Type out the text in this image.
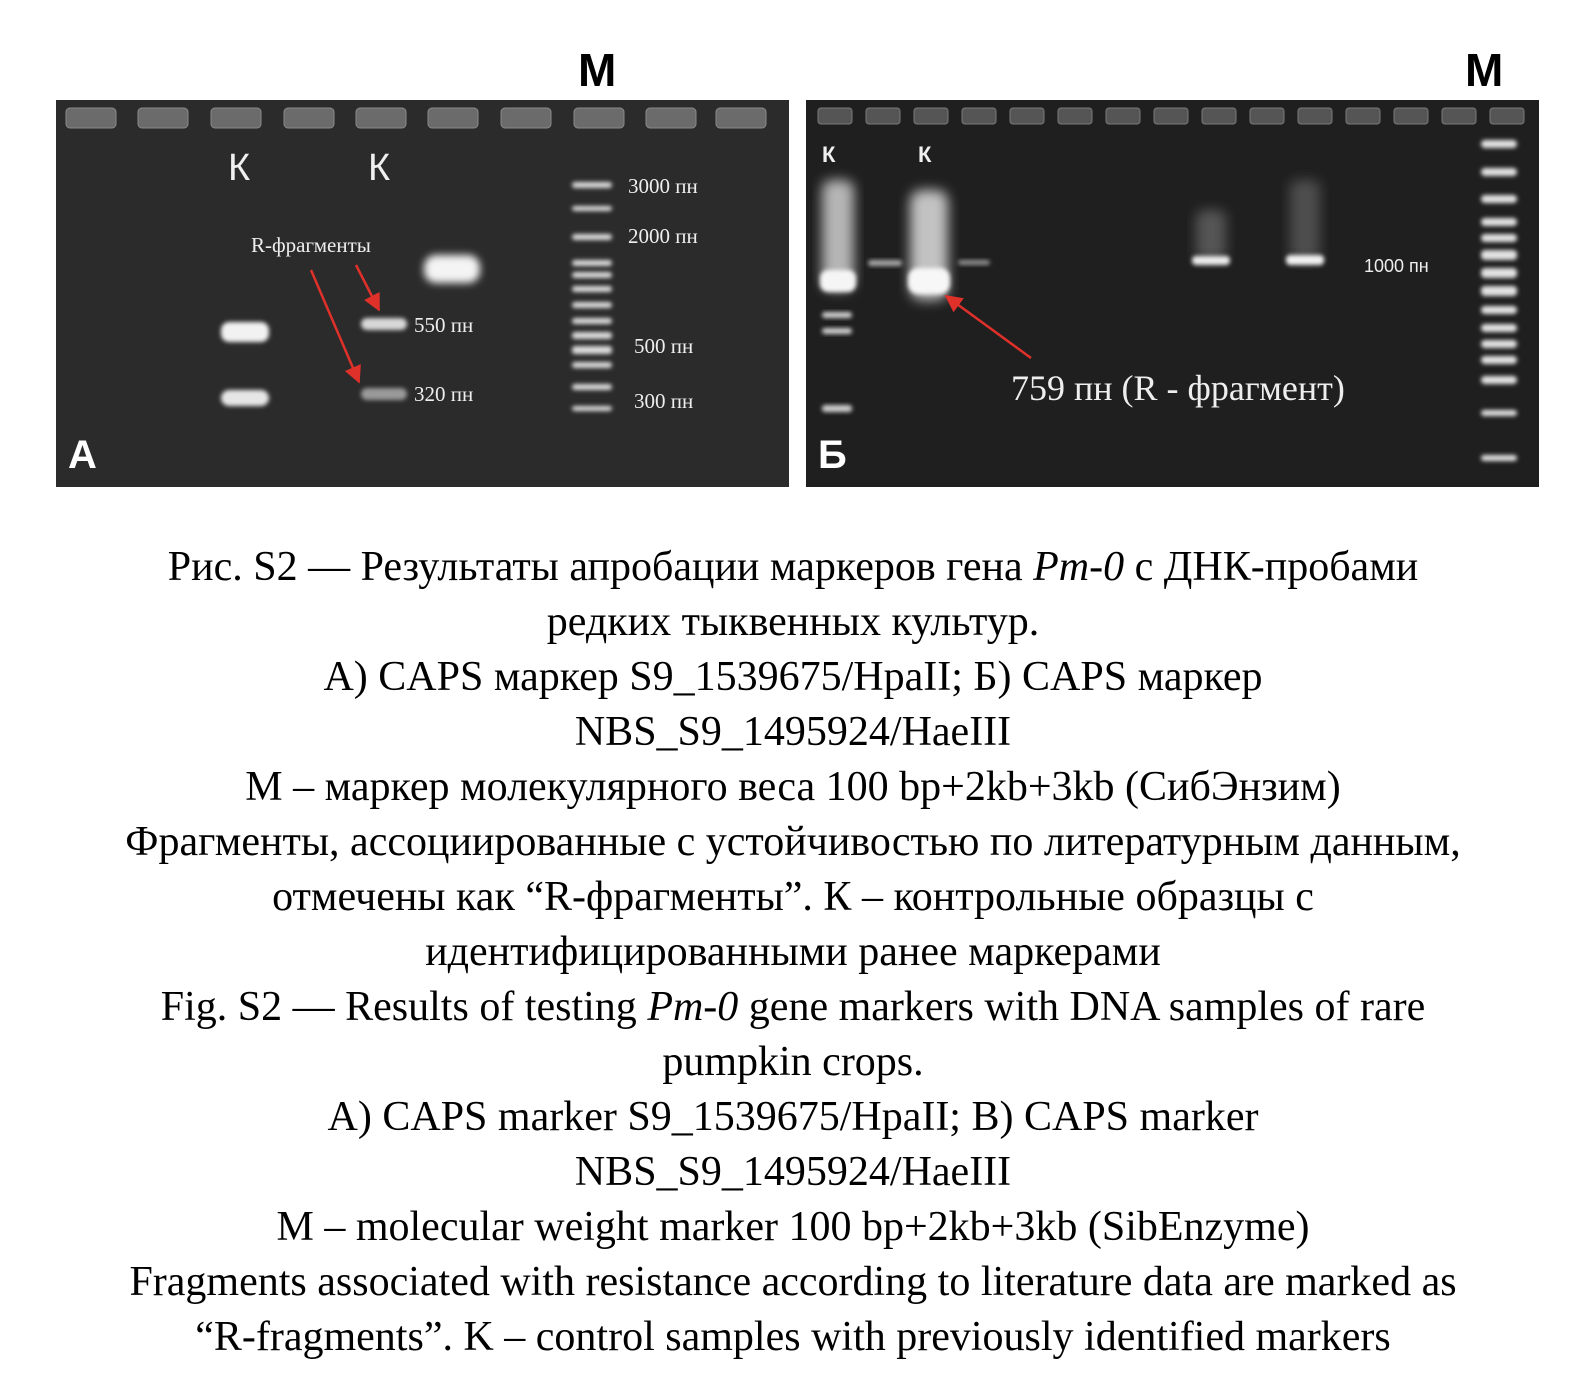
M	M
К	К
R-фрагменты
550 пн
320 пн
3000 пн
2000 пн
500 пн
300 пн
A
К	К
1000 пн
759 пн (R - фрагмент)
Б

Рис. S2 — Результаты апробации маркеров гена Pm-0 с ДНК-пробами

редких тыквенных культур.

А) CAPS маркер S9_1539675/HpaII; Б) CAPS маркер

NBS_S9_1495924/HaeIII

М – маркер молекулярного веса 100 bp+2kb+3kb (СибЭнзим)

Фрагменты, ассоциированные с устойчивостью по литературным данным,

отмечены как “R-фрагменты”. К – контрольные образцы с

идентифицированными ранее маркерами

Fig. S2 — Results of testing Pm-0 gene markers with DNA samples of rare

pumpkin crops.

A) CAPS marker S9_1539675/HpaII; B) CAPS marker

NBS_S9_1495924/HaeIII

M – molecular weight marker 100 bp+2kb+3kb (SibEnzyme)

Fragments associated with resistance according to literature data are marked as

“R-fragments”. K – control samples with previously identified markers
